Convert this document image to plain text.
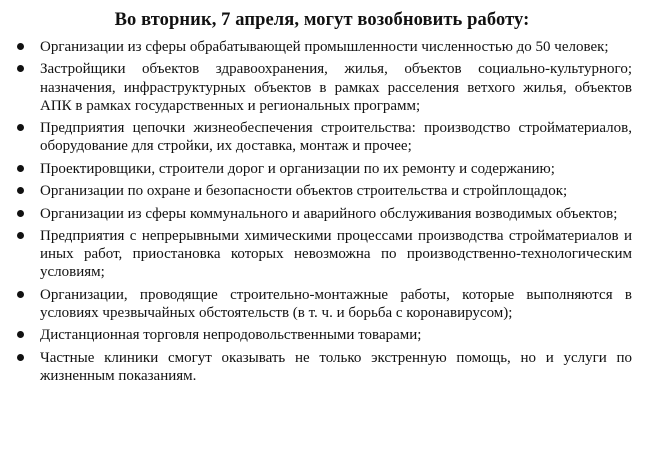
Во вторник, 7 апреля, могут возобновить работу:
Организации из сферы обрабатывающей промышленности численностью до 50 человек;
Застройщики объектов здравоохранения, жилья, объектов социально-культурного; назначения, инфраструктурных объектов в рамках расселения ветхого жилья, объектов АПК в рамках государственных и региональных программ;
Предприятия цепочки жизнеобеспечения строительства: производство стройматериалов, оборудование для стройки, их доставка, монтаж и прочее;
Проектировщики, строители дорог и организации по их ремонту и содержанию;
Организации по охране и безопасности объектов строительства и стройплощадок;
Организации из сферы коммунального и аварийного обслуживания возводимых объектов;
Предприятия с непрерывными химическими процессами производства стройматериалов и иных работ, приостановка которых невозможна по производственно-технологическим условиям;
Организации, проводящие строительно-монтажные работы, которые выполняются в условиях чрезвычайных обстоятельств (в т. ч. и борьба с коронавирусом);
Дистанционная торговля непродовольственными товарами;
Частные клиники смогут оказывать не только экстренную помощь, но и услуги по жизненным показаниям.
